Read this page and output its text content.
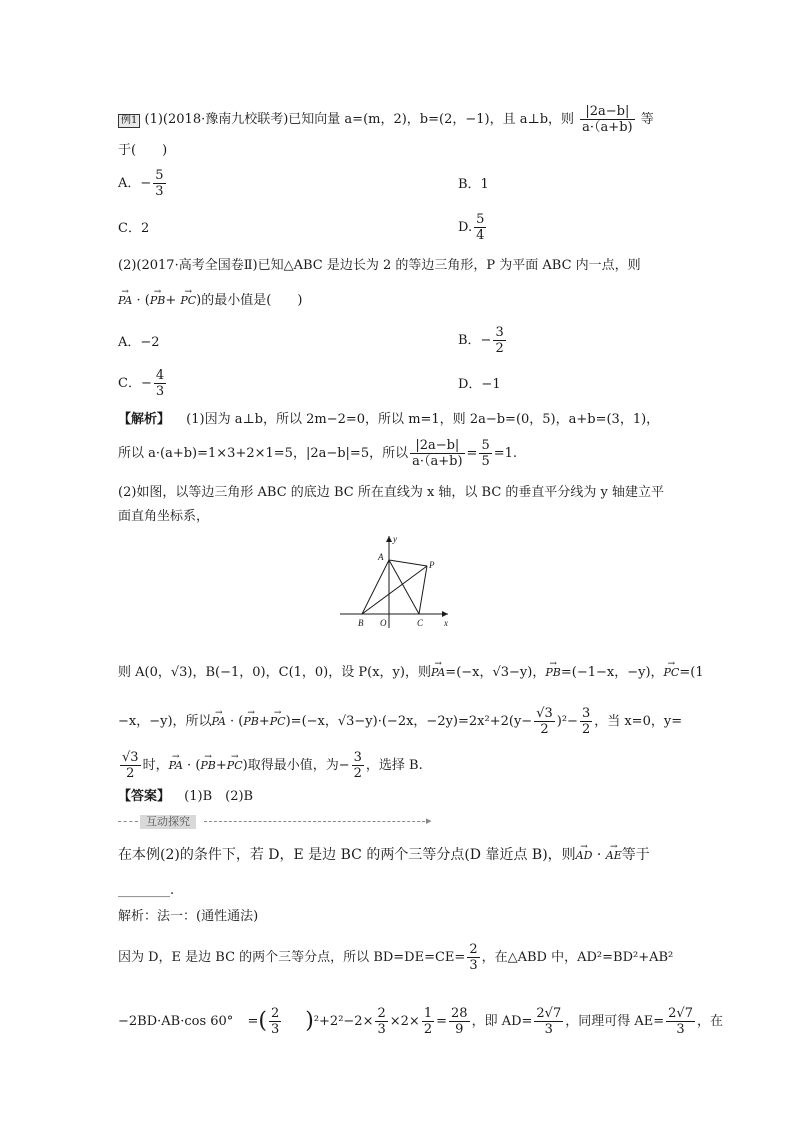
例1 (1)(2018·豫南九校联考)已知向量 a=(m，2)，b=(2，−1)，且 a⊥b，则 $\frac{|2a-b|}{a\cdot(a+b)}$ 等
于(　　)
A．− $\frac{5}{3}$	B．1
C．2	D. $\frac{5}{4}$
(2)(2017·高考全国卷Ⅱ)已知△ABC 是边长为 2 的等边三角形，P 为平面 ABC 内一点，则
→ PA · (→ PB+ → PC)的最小值是(　　)
A．−2	B．− $\frac{3}{2}$
C．− $\frac{4}{3}$	D．−1
【解析】 (1)因为 a⊥b，所以 2m−2=0，所以 m=1，则 2a−b=(0，5)，a+b=(3，1)，
所以 a·(a+b)=1×3+2×1=5，|2a−b|=5，所以 $\frac{|2a-b|}{a\cdot(a+b)} = \frac{5}{5} =1$.
(2)如图，以等边三角形 ABC 的底边 BC 所在直线为 x 轴，以 BC 的垂直平分线为 y 轴建立平
面直角坐标系，
y
x
A
B O	C
P
则 A(0，√3)，B(−1，0)，C(1，0)，设 P(x，y)，则→ PA=(−x，√3−y)，→ PB=(−1−x，−y)，→ PC=(1
−x，−y)，所以→ PA · (→ PB+→ PC)=(−x，√3−y)·(−2x，$-2y)=2x^2+2(y- \frac{√3}{2} )^2- \frac{3}{2}$ ，当 x=0，y=
$\frac{√3}{2}$ 时，→ PA · (→ PB+→ PC)取得最小值，为− $\frac{3}{2}$ ，选择 B.
【答案】 (1)B　(2)B
互动探究	▸
在本例(2)的条件下，若 D，E 是边 BC 的两个三等分点(D 靠近点 B)，则→ AD · → AE等于
________.
解析：法一：(通性通法)
因为 D，E 是边 BC 的两个三等分点，所以 $BD=DE=CE= \frac{2}{3}$ ，在△ABD 中，AD²=BD²+AB²
−2BD·AB·cos 60° =( $\frac{2}{3} )^2+2^2-2\times \frac{2}{3} \times 2\times \frac{1}{2} = \frac{28}{9}$ ，即 $AD= \frac{2√7}{3}$ ，同理可得 $AE= \frac{2√7}{3}$ ，在
